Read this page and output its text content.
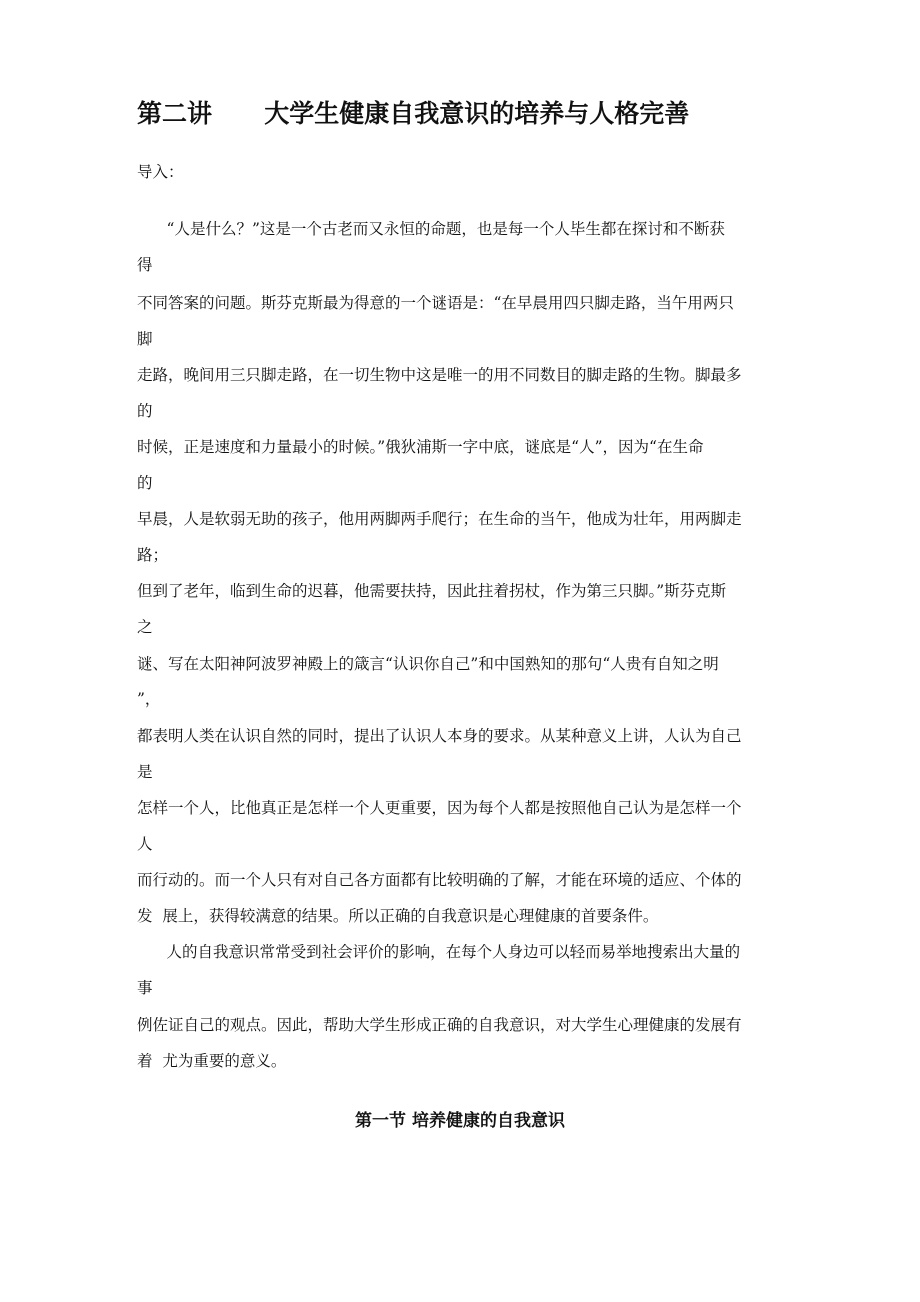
第二讲      大学生健康自我意识的培养与人格完善

导入：

“人是什么？”这是一个古老而又永恒的命题，也是每一个人毕生都在探讨和不断获

得

不同答案的问题。斯芬克斯最为得意的一个谜语是：“在早晨用四只脚走路，当午用两只

脚

走路，晚间用三只脚走路，在一切生物中这是唯一的用不同数目的脚走路的生物。脚最多

的

时候，正是速度和力量最小的时候。”俄狄浦斯一字中底，谜底是“人”，因为“在生命

的

早晨，人是软弱无助的孩子，他用两脚两手爬行；在生命的当午，他成为壮年，用两脚走

路；

但到了老年，临到生命的迟暮，他需要扶持，因此拄着拐杖，作为第三只脚。”斯芬克斯

之

谜、写在太阳神阿波罗神殿上的箴言“认识你自己”和中国熟知的那句“人贵有自知之明

”，

都表明人类在认识自然的同时，提出了认识人本身的要求。从某种意义上讲，人认为自己

是

怎样一个人，比他真正是怎样一个人更重要，因为每个人都是按照他自己认为是怎样一个

人

而行动的。而一个人只有对自己各方面都有比较明确的了解，才能在环境的适应、个体的

发  展上，获得较满意的结果。所以正确的自我意识是心理健康的首要条件。

人的自我意识常常受到社会评价的影响，在每个人身边可以轻而易举地搜索出大量的

事

例佐证自己的观点。因此，帮助大学生形成正确的自我意识，对大学生心理健康的发展有

着  尤为重要的意义。

第一节 培养健康的自我意识
